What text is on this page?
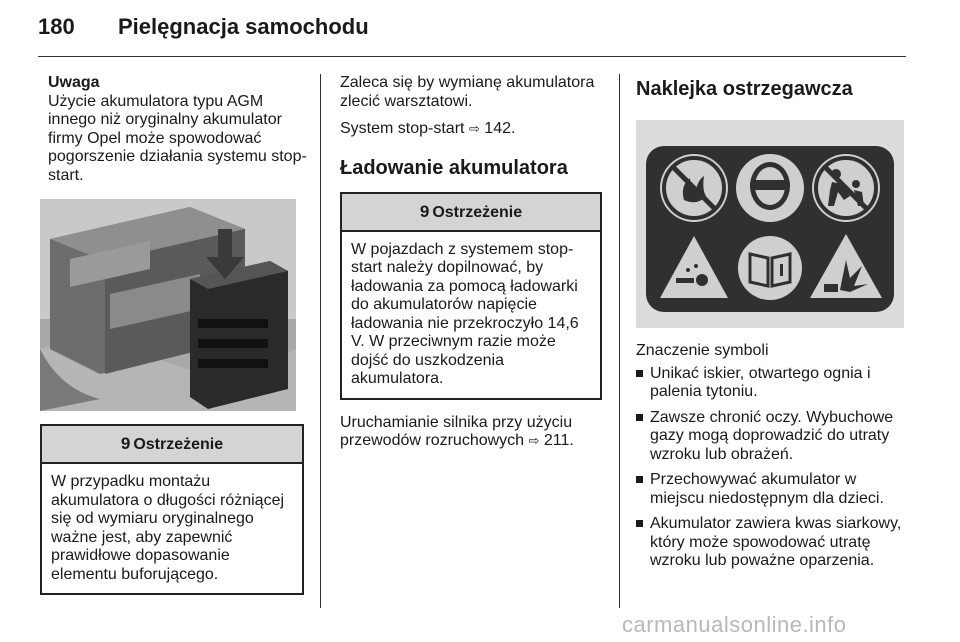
180 Pielęgnacja samochodu
Uwaga

Użycie akumulatora typu AGM innego niż oryginalny akumulator firmy Opel może spowodować pogorszenie działania systemu stop-start.

9 Ostrzeżenie
W przypadku montażu akumulatora o długości różniącej się od wymiaru oryginalnego ważne jest, aby zapewnić prawidłowe dopasowanie elementu buforującego.

Zaleca się by wymianę akumulatora zlecić warsztatowi.

System stop-start ⇨ 142.

Ładowanie akumulatora
9 Ostrzeżenie
W pojazdach z systemem stop-start należy dopilnować, by ładowania za pomocą ładowarki do akumulatorów napięcie ładowania nie przekroczyło 14,6 V. W przeciwnym razie może dojść do uszkodzenia akumulatora.

Uruchamianie silnika przy użyciu przewodów rozruchowych ⇨ 211.

Naklejka ostrzegawcza

Znaczenie symboli

Unikać iskier, otwartego ognia i palenia tytoniu.
Zawsze chronić oczy. Wybuchowe gazy mogą doprowadzić do utraty wzroku lub obrażeń.
Przechowywać akumulator w miejscu niedostępnym dla dzieci.
Akumulator zawiera kwas siarkowy, który może spowodować utratę wzroku lub poważne oparzenia.
carmanualsonline.info
